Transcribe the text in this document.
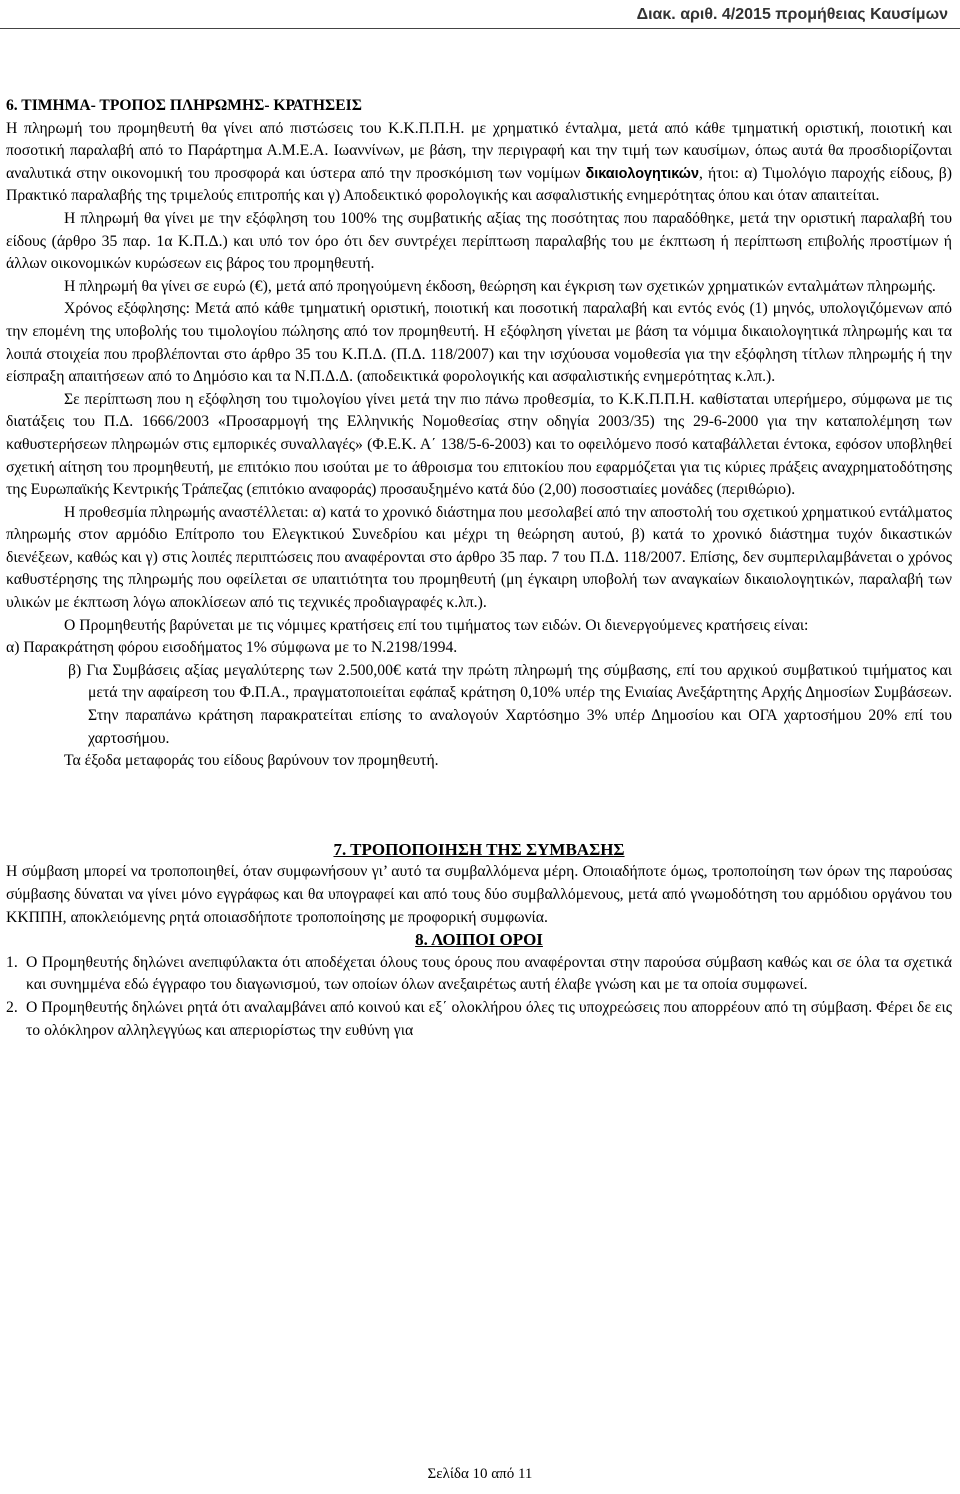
Διακ. αριθ. 4/2015 προμήθειας Καυσίμων

6. ΤΙΜΗΜΑ- ΤΡΟΠΟΣ ΠΛΗΡΩΜΗΣ- ΚΡΑΤΗΣΕΙΣ

Η πληρωμή του προμηθευτή θα γίνει από πιστώσεις του Κ.Κ.Π.Π.Η. με χρηματικό ένταλμα, μετά από κάθε τμηματική οριστική, ποιοτική και ποσοτική παραλαβή από το Παράρτημα Α.Μ.Ε.Α. Ιωαννίνων, με βάση, την περιγραφή και την τιμή των καυσίμων, όπως αυτά θα προσδιορίζονται αναλυτικά στην οικονομική του προσφορά και ύστερα από την προσκόμιση των νομίμων δικαιολογητικών, ήτοι: α) Τιμολόγιο παροχής είδους, β) Πρακτικό παραλαβής της τριμελούς επιτροπής και γ) Αποδεικτικό φορολογικής και ασφαλιστικής ενημερότητας όπου και όταν απαιτείται.

Η πληρωμή θα γίνει με την εξόφληση του 100% της συμβατικής αξίας της ποσότητας που παραδόθηκε, μετά την οριστική παραλαβή του είδους (άρθρο 35 παρ. 1α Κ.Π.Δ.) και υπό τον όρο ότι δεν συντρέχει περίπτωση παραλαβής του με έκπτωση ή περίπτωση επιβολής προστίμων ή άλλων οικονομικών κυρώσεων εις βάρος του προμηθευτή.

Η πληρωμή θα γίνει σε ευρώ (€), μετά από προηγούμενη έκδοση, θεώρηση και έγκριση των σχετικών χρηματικών ενταλμάτων πληρωμής.

Χρόνος εξόφλησης: Μετά από κάθε τμηματική οριστική, ποιοτική και ποσοτική παραλαβή και εντός ενός (1) μηνός, υπολογιζόμενων από την επομένη της υποβολής του τιμολογίου πώλησης από τον προμηθευτή. Η εξόφληση γίνεται με βάση τα νόμιμα δικαιολογητικά πληρωμής και τα λοιπά στοιχεία που προβλέπονται στο άρθρο 35 του Κ.Π.Δ. (Π.Δ. 118/2007) και την ισχύουσα νομοθεσία για την εξόφληση τίτλων πληρωμής ή την είσπραξη απαιτήσεων από το Δημόσιο και τα Ν.Π.Δ.Δ. (αποδεικτικά φορολογικής και ασφαλιστικής ενημερότητας κ.λπ.).

Σε περίπτωση που η εξόφληση του τιμολογίου γίνει μετά την πιο πάνω προθεσμία, το Κ.Κ.Π.Π.Η. καθίσταται υπερήμερο, σύμφωνα με τις διατάξεις του Π.Δ. 1666/2003 «Προσαρμογή της Ελληνικής Νομοθεσίας στην οδηγία 2003/35) της 29-6-2000 για την καταπολέμηση των καθυστερήσεων πληρωμών στις εμπορικές συναλλαγές» (Φ.Ε.Κ. Α΄ 138/5-6-2003) και το οφειλόμενο ποσό καταβάλλεται έντοκα, εφόσον υποβληθεί σχετική αίτηση του προμηθευτή, με επιτόκιο που ισούται με το άθροισμα του επιτοκίου που εφαρμόζεται για τις κύριες πράξεις αναχρηματοδότησης της Ευρωπαϊκής Κεντρικής Τράπεζας (επιτόκιο αναφοράς) προσαυξημένο κατά δύο (2,00) ποσοστιαίες μονάδες (περιθώριο).

Η προθεσμία πληρωμής αναστέλλεται: α) κατά το χρονικό διάστημα που μεσολαβεί από την αποστολή του σχετικού χρηματικού εντάλματος πληρωμής στον αρμόδιο Επίτροπο του Ελεγκτικού Συνεδρίου και μέχρι τη θεώρηση αυτού, β) κατά το χρονικό διάστημα τυχόν δικαστικών διενέξεων, καθώς και γ) στις λοιπές περιπτώσεις που αναφέρονται στο άρθρο 35 παρ. 7 του Π.Δ. 118/2007. Επίσης, δεν συμπεριλαμβάνεται ο χρόνος καθυστέρησης της πληρωμής που οφείλεται σε υπαιτιότητα του προμηθευτή (μη έγκαιρη υποβολή των αναγκαίων δικαιολογητικών, παραλαβή των υλικών με έκπτωση λόγω αποκλίσεων από τις τεχνικές προδιαγραφές κ.λπ.).

Ο Προμηθευτής βαρύνεται με τις νόμιμες κρατήσεις επί του τιμήματος των ειδών. Οι διενεργούμενες κρατήσεις είναι:

α) Παρακράτηση φόρου εισοδήματος 1% σύμφωνα με το Ν.2198/1994.

β) Για Συμβάσεις αξίας μεγαλύτερης των 2.500,00€ κατά την πρώτη πληρωμή της σύμβασης, επί του αρχικού συμβατικού τιμήματος και μετά την αφαίρεση του Φ.Π.Α., πραγματοποιείται εφάπαξ κράτηση 0,10% υπέρ της Ενιαίας Ανεξάρτητης Αρχής Δημοσίων Συμβάσεων. Στην παραπάνω κράτηση παρακρατείται επίσης το αναλογούν Χαρτόσημο 3% υπέρ Δημοσίου και ΟΓΑ χαρτοσήμου 20% επί του χαρτοσήμου.

Τα έξοδα μεταφοράς του είδους βαρύνουν τον προμηθευτή.

7. ΤΡΟΠΟΠΟΙΗΣΗ ΤΗΣ ΣΥΜΒΑΣΗΣ

Η σύμβαση μπορεί να τροποποιηθεί, όταν συμφωνήσουν γι’ αυτό τα συμβαλλόμενα μέρη. Οποιαδήποτε όμως, τροποποίηση των όρων της παρούσας σύμβασης δύναται να γίνει μόνο εγγράφως και θα υπογραφεί και από τους δύο συμβαλλόμενους, μετά από γνωμοδότηση του αρμόδιου οργάνου του ΚΚΠΠΗ, αποκλειόμενης ρητά οποιασδήποτε τροποποίησης με προφορική συμφωνία.

8. ΛΟΙΠΟΙ ΟΡΟΙ

1. Ο Προμηθευτής δηλώνει ανεπιφύλακτα ότι αποδέχεται όλους τους όρους που αναφέρονται στην παρούσα σύμβαση καθώς και σε όλα τα σχετικά και συνημμένα εδώ έγγραφο του διαγωνισμού, των οποίων όλων ανεξαιρέτως αυτή έλαβε γνώση και με τα οποία συμφωνεί.

2. Ο Προμηθευτής δηλώνει ρητά ότι αναλαμβάνει από κοινού και εξ΄ ολοκλήρου όλες τις υποχρεώσεις που απορρέουν από τη σύμβαση. Φέρει δε εις το ολόκληρον αλληλεγγύως και απεριορίστως την ευθύνη για

Σελίδα 10 από 11
